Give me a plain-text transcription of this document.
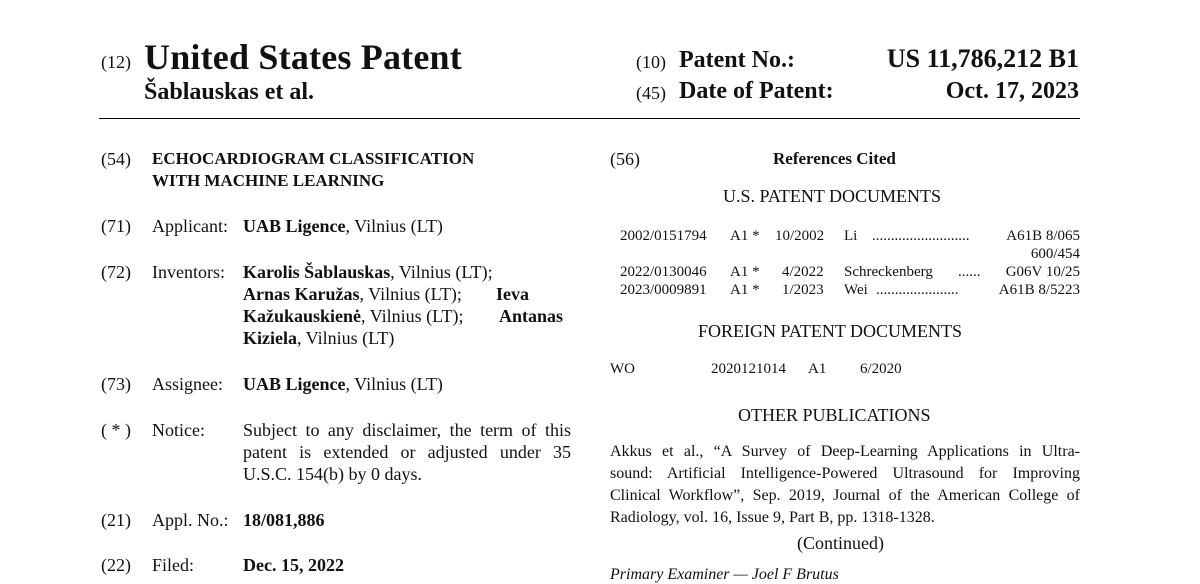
(12) United States Patent
Šablauskas et al.
(10) Patent No.:	US 11,786,212 B1
(45) Date of Patent:	Oct. 17, 2023
(54) ECHOCARDIOGRAM CLASSIFICATION
WITH MACHINE LEARNING
(71) Applicant: UAB Ligence, Vilnius (LT)
(72) Inventors: Karolis Šablauskas, Vilnius (LT);
Arnas Karužas, Vilnius (LT); Ieva
Kažukauskienė, Vilnius (LT); Antanas
Kiziela, Vilnius (LT)
(73) Assignee: UAB Ligence, Vilnius (LT)
( * ) Notice: Subject to any disclaimer, the term of this
patent is extended or adjusted under 35
U.S.C. 154(b) by 0 days.
(21) Appl. No.: 18/081,886
(22) Filed:	Dec. 15, 2022
(56)	References Cited
U.S. PATENT DOCUMENTS
2002/0151794 A1 * 10/2002 Li ..........................	A61B 8/065
600/454
2022/0130046 A1 * 4/2022 Schreckenberg ......	G06V 10/25
2023/0009891 A1 * 1/2023 Wei ......................	A61B 8/5223
FOREIGN PATENT DOCUMENTS
WO	2020121014 A1 6/2020
OTHER PUBLICATIONS
Akkus et al., “A Survey of Deep-Learning Applications in Ultra-
sound: Artificial Intelligence-Powered Ultrasound for Improving
Clinical Workflow”, Sep. 2019, Journal of the American College of
Radiology, vol. 16, Issue 9, Part B, pp. 1318-1328.
(Continued)
Primary Examiner — Joel F Brutus
